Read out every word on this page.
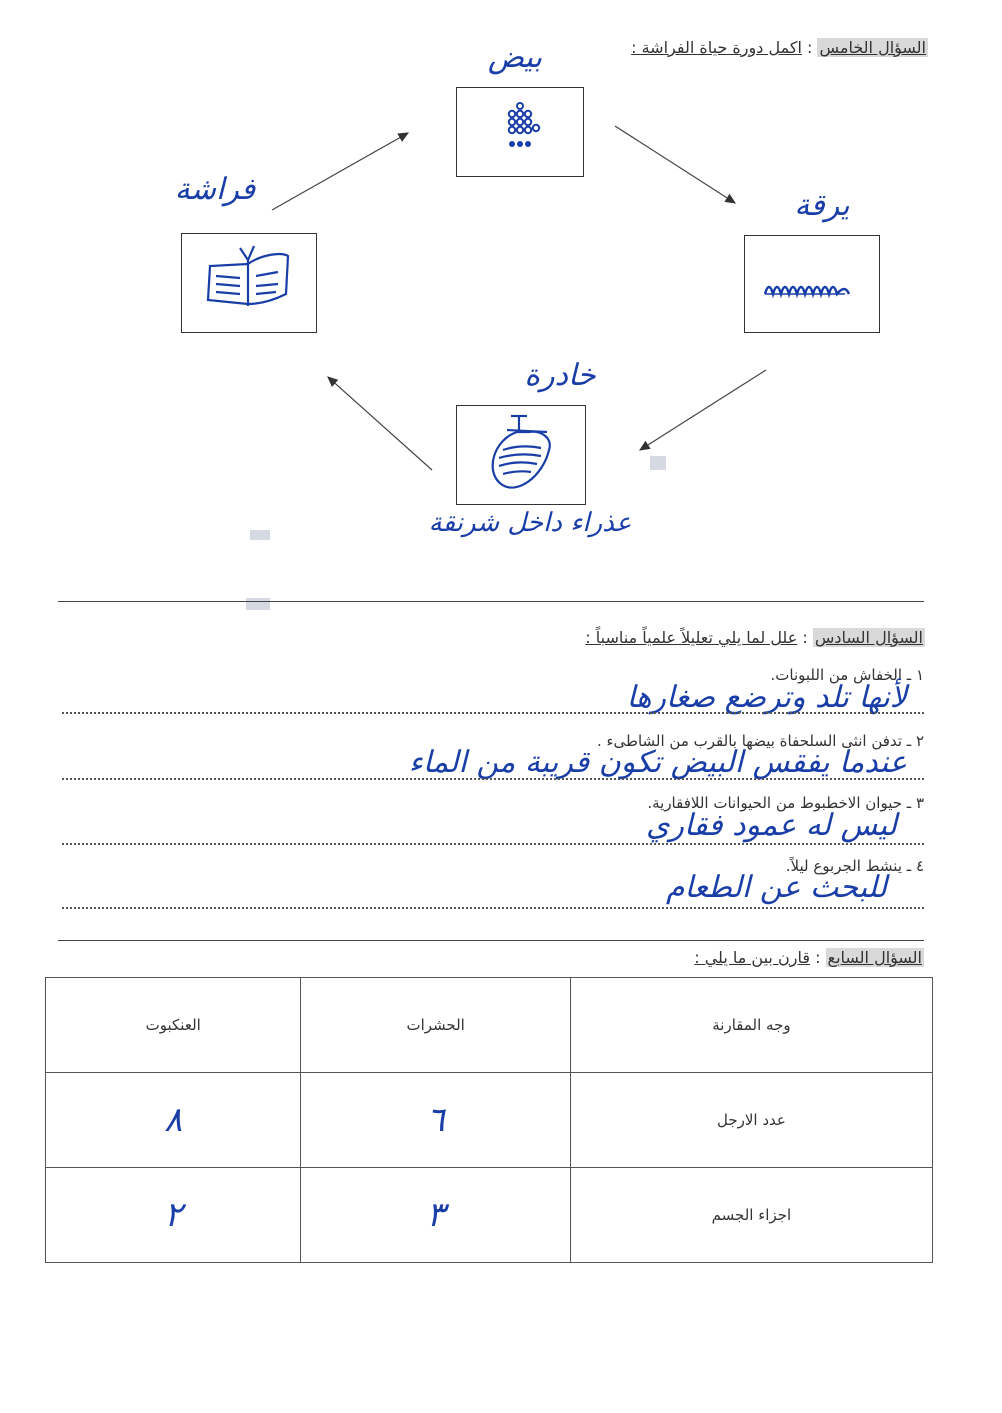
السؤال الخامس : اكمل دورة حياة الفراشة :
بيض
يرقة
خادرة
عذراء داخل شرنقة
فراشة
السؤال السادس : علل لما يلي تعليلاً علمياً مناسباً :
١ ـ الخفاش من اللبونات.
لأنها تلد وترضع صغارها
٢ ـ تدفن انثى السلحفاة بيضها بالقرب من الشاطىء .
عندما يفقس البيض تكون قريبة من الماء
٣ ـ حيوان الاخطبوط من الحيوانات اللافقارية.
ليس له عمود فقاري
٤ ـ ينشط الجربوع ليلاً.
للبحث عن الطعام
السؤال السابع : قارن بين ما يلي :
وجه المقارنة	الحشرات	العنكبوت
عدد الارجل	٦	٨
اجزاء الجسم	٣	٢
